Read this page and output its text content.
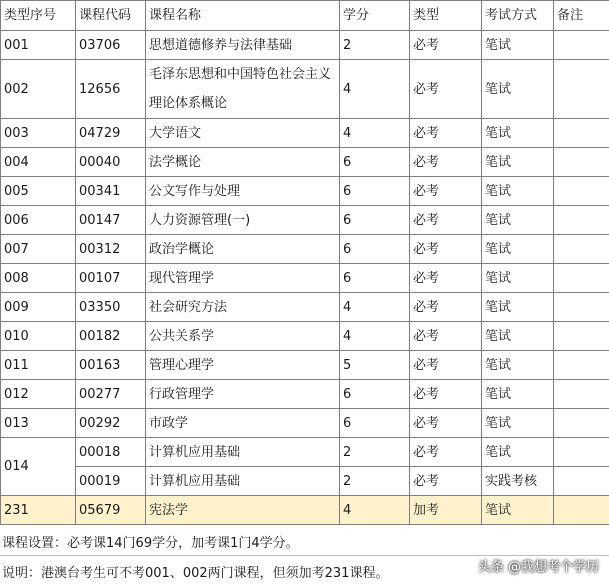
类型序号	课程代码	课程名称	学分	类型	考试方式	备注
001	03706	思想道德修养与法律基础	2	必考	笔试	
002	12656	毛泽东思想和中国特色社会主义理论体系概论	4	必考	笔试	
003	04729	大学语文	4	必考	笔试	
004	00040	法学概论	6	必考	笔试	
005	00341	公文写作与处理	6	必考	笔试	
006	00147	人力资源管理(一)	6	必考	笔试	
007	00312	政治学概论	6	必考	笔试	
008	00107	现代管理学	6	必考	笔试	
009	03350	社会研究方法	4	必考	笔试	
010	00182	公共关系学	4	必考	笔试	
011	00163	管理心理学	5	必考	笔试	
012	00277	行政管理学	6	必考	笔试	
013	00292	市政学	6	必考	笔试	
014	00018	计算机应用基础	2	必考	笔试	
	00019	计算机应用基础	2	必考	实践考核	
231	05679	宪法学	4	加考	笔试	
课程设置：必考课14门69学分，加考课1门4学分。
说明：港澳台考生可不考001、002两门课程，但须加考231课程。	头条 @我想考个学历
